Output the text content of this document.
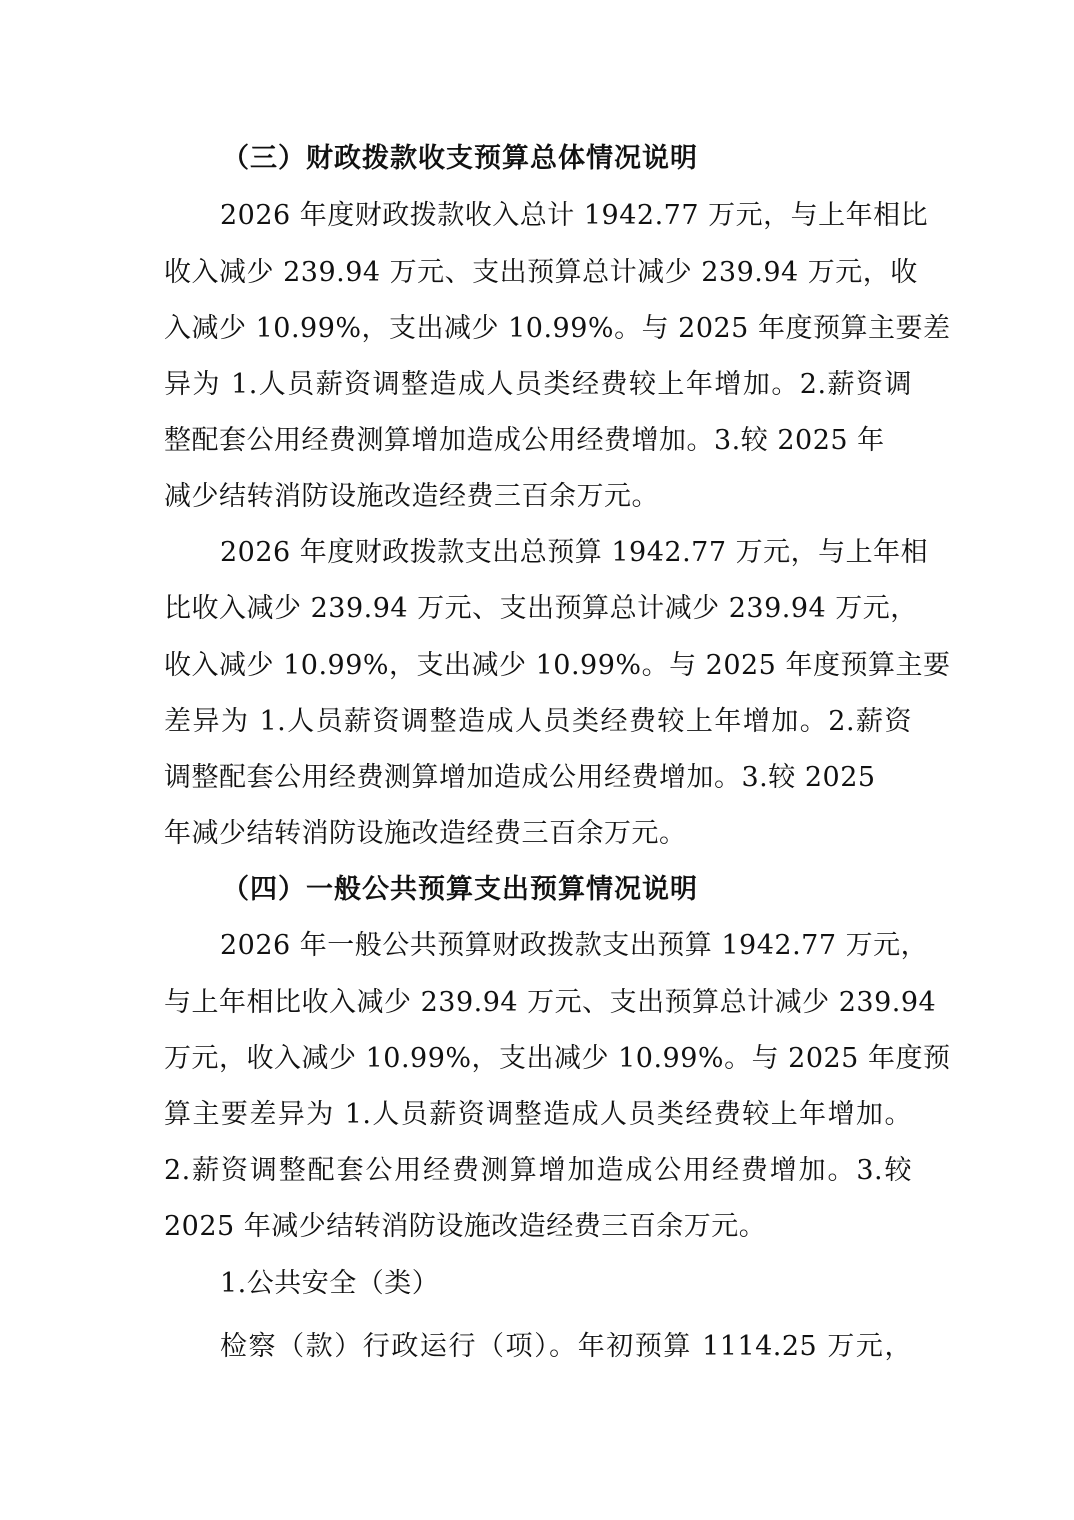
（三）财政拨款收支预算总体情况说明
2026 年度财政拨款收入总计 1942.77 万元，与上年相比
收入减少 239.94 万元、支出预算总计减少 239.94 万元，收
入减少 10.99%，支出减少 10.99%。与 2025 年度预算主要差
异为 1.人员薪资调整造成人员类经费较上年增加。2.薪资调
整配套公用经费测算增加造成公用经费增加。3.较 2025 年
减少结转消防设施改造经费三百余万元。
2026 年度财政拨款支出总预算 1942.77 万元，与上年相
比收入减少 239.94 万元、支出预算总计减少 239.94 万元，
收入减少 10.99%，支出减少 10.99%。与 2025 年度预算主要
差异为 1.人员薪资调整造成人员类经费较上年增加。2.薪资
调整配套公用经费测算增加造成公用经费增加。3.较 2025
年减少结转消防设施改造经费三百余万元。
（四）一般公共预算支出预算情况说明
2026 年一般公共预算财政拨款支出预算 1942.77 万元，
与上年相比收入减少 239.94 万元、支出预算总计减少 239.94
万元，收入减少 10.99%，支出减少 10.99%。与 2025 年度预
算主要差异为 1.人员薪资调整造成人员类经费较上年增加。
2.薪资调整配套公用经费测算增加造成公用经费增加。3.较
2025 年减少结转消防设施改造经费三百余万元。
1.公共安全（类）
检察（款）行政运行（项）。年初预算 1114.25 万元，
